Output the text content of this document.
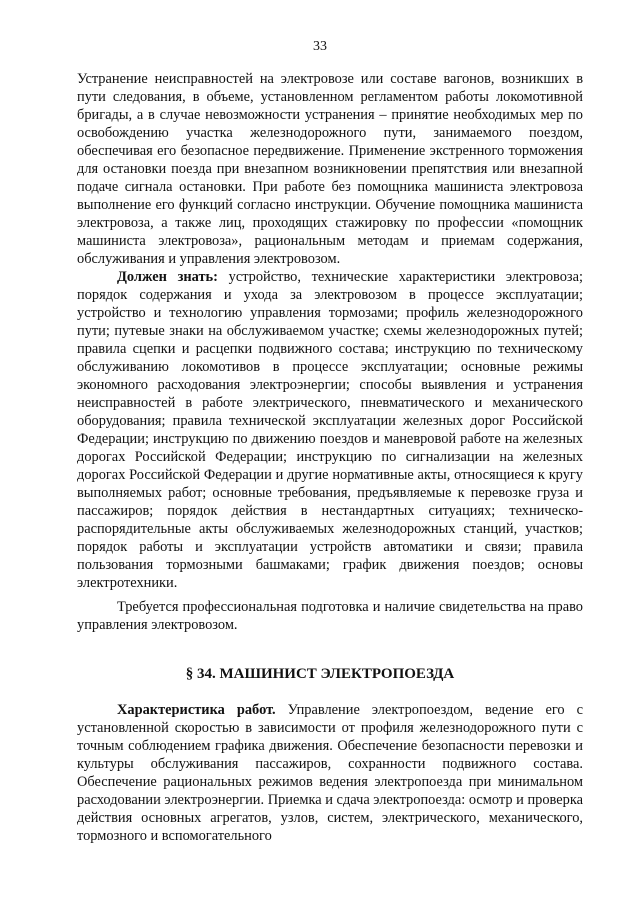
33

Устранение неисправностей на электровозе или составе вагонов, возникших в пути следования, в объеме, установленном регламентом работы локомотивной бригады, а в случае невозможности устранения – принятие необходимых мер по освобождению участка железнодорожного пути, занимаемого поездом, обеспечивая его безопасное передвижение. Применение экстренного торможения для остановки поезда при внезапном возникновении препятствия или внезапной подаче сигнала остановки. При работе без помощника машиниста электровоза выполнение его функций согласно инструкции. Обучение помощника машиниста электровоза, а также лиц, проходящих стажировку по профессии «помощник машиниста электровоза», рациональным методам и приемам содержания, обслуживания и управления электровозом.

Должен знать: устройство, технические характеристики электровоза; порядок содержания и ухода за электровозом в процессе эксплуатации; устройство и технологию управления тормозами; профиль железнодорожного пути; путевые знаки на обслуживаемом участке; схемы железнодорожных путей; правила сцепки и расцепки подвижного состава; инструкцию по техническому обслуживанию локомотивов в процессе эксплуатации; основные режимы экономного расходования электроэнергии; способы выявления и устранения неисправностей в работе электрического, пневматического и механического оборудования; правила технической эксплуатации железных дорог Российской Федерации; инструкцию по движению поездов и маневровой работе на железных дорогах Российской Федерации; инструкцию по сигнализации на железных дорогах Российской Федерации и другие нормативные акты, относящиеся к кругу выполняемых работ; основные требования, предъявляемые к перевозке груза и пассажиров; порядок действия в нестандартных ситуациях; техническо-распорядительные акты обслуживаемых железнодорожных станций, участков; порядок работы и эксплуатации устройств автоматики и связи; правила пользования тормозными башмаками; график движения поездов; основы электротехники.

Требуется профессиональная подготовка и наличие свидетельства на право управления электровозом.

§ 34. МАШИНИСТ ЭЛЕКТРОПОЕЗДА

Характеристика работ. Управление электропоездом, ведение его с установленной скоростью в зависимости от профиля железнодорожного пути с точным соблюдением графика движения. Обеспечение безопасности перевозки и культуры обслуживания пассажиров, сохранности подвижного состава. Обеспечение рациональных режимов ведения электропоезда при минимальном расходовании электроэнергии. Приемка и сдача электропоезда: осмотр и проверка действия основных агрегатов, узлов, систем, электрического, механического, тормозного и вспомогательного
